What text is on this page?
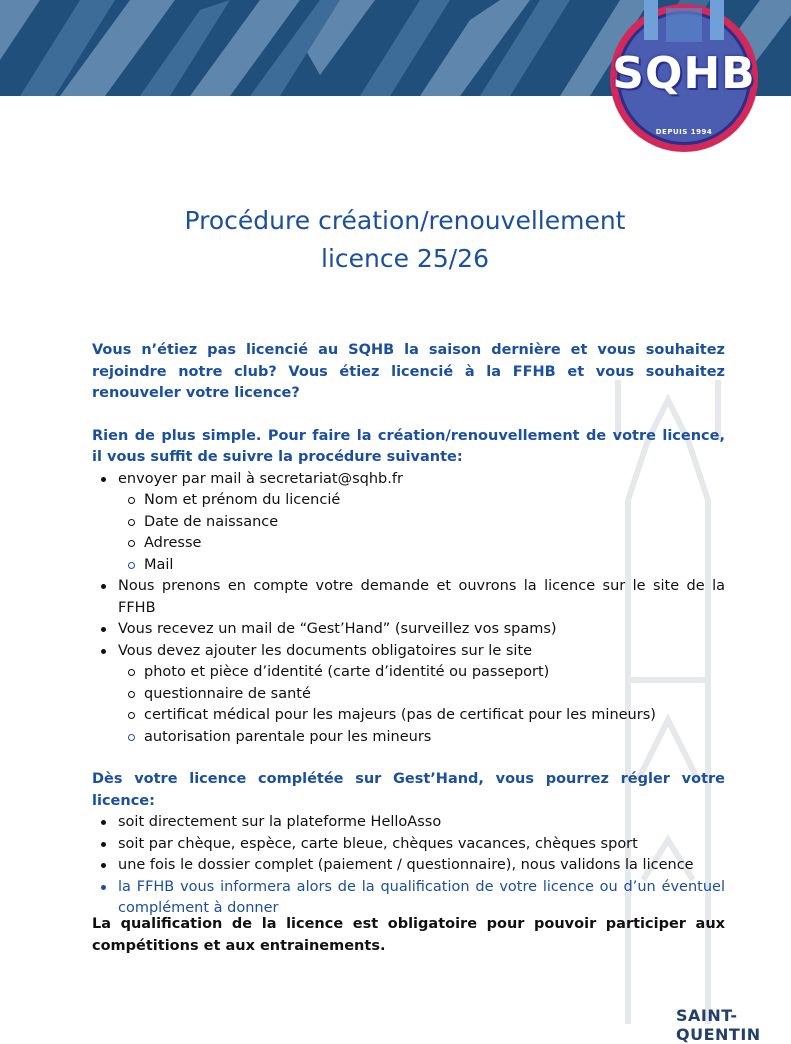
SQHB
DEPUIS 1994
Procédure création/renouvellement
licence 25/26

Vous n’étiez pas licencié au SQHB la saison dernière et vous souhaitez rejoindre notre club? Vous étiez licencié à la FFHB et vous souhaitez renouveler votre licence?

Rien de plus simple. Pour faire la création/renouvellement de votre licence, il vous suffit de suivre la procédure suivante:

envoyer par mail à secretariat@sqhb.fr
Nom et prénom du licencié
Date de naissance
Adresse
Mail
Nous prenons en compte votre demande et ouvrons la licence sur le site de la FFHB
Vous recevez un mail de “Gest’Hand” (surveillez vos spams)
Vous devez ajouter les documents obligatoires sur le site
photo et pièce d’identité (carte d’identité ou passeport)
questionnaire de santé
certificat médical pour les majeurs (pas de certificat pour les mineurs)
autorisation parentale pour les mineurs

Dès votre licence complétée sur Gest’Hand, vous pourrez régler votre licence:

soit directement sur la plateforme HelloAsso
soit par chèque, espèce, carte bleue, chèques vacances, chèques sport
une fois le dossier complet (paiement / questionnaire), nous validons la licence
la FFHB vous informera alors de la qualification de votre licence ou d’un éventuel complément à donner
La qualification de la licence est obligatoire pour pouvoir participer aux compétitions et aux entrainements.
SAINT-QUENTIN
